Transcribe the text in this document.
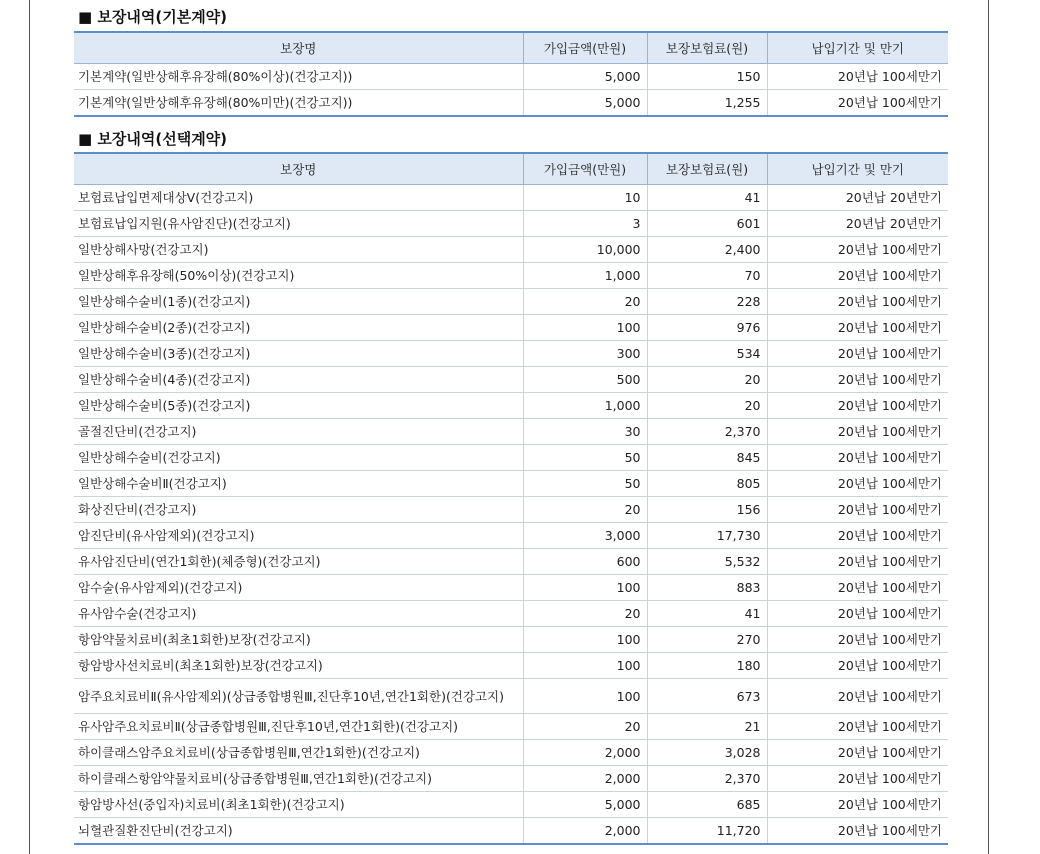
■ 보장내역(기본계약)
보장명	가입금액(만원)	보장보험료(원)	납입기간 및 만기
기본계약(일반상해후유장해(80%이상)(건강고지))	5,000	150	20년납 100세만기
기본계약(일반상해후유장해(80%미만)(건강고지))	5,000	1,255	20년납 100세만기
■ 보장내역(선택계약)
보장명	가입금액(만원)	보장보험료(원)	납입기간 및 만기
보험료납입면제대상Ⅴ(건강고지)	10	41	20년납 20년만기
보험료납입지원(유사암진단)(건강고지)	3	601	20년납 20년만기
일반상해사망(건강고지)	10,000	2,400	20년납 100세만기
일반상해후유장해(50%이상)(건강고지)	1,000	70	20년납 100세만기
일반상해수술비(1종)(건강고지)	20	228	20년납 100세만기
일반상해수술비(2종)(건강고지)	100	976	20년납 100세만기
일반상해수술비(3종)(건강고지)	300	534	20년납 100세만기
일반상해수술비(4종)(건강고지)	500	20	20년납 100세만기
일반상해수술비(5종)(건강고지)	1,000	20	20년납 100세만기
골절진단비(건강고지)	30	2,370	20년납 100세만기
일반상해수술비(건강고지)	50	845	20년납 100세만기
일반상해수술비Ⅱ(건강고지)	50	805	20년납 100세만기
화상진단비(건강고지)	20	156	20년납 100세만기
암진단비(유사암제외)(건강고지)	3,000	17,730	20년납 100세만기
유사암진단비(연간1회한)(체증형)(건강고지)	600	5,532	20년납 100세만기
암수술(유사암제외)(건강고지)	100	883	20년납 100세만기
유사암수술(건강고지)	20	41	20년납 100세만기
항암약물치료비(최초1회한)보장(건강고지)	100	270	20년납 100세만기
항암방사선치료비(최초1회한)보장(건강고지)	100	180	20년납 100세만기
암주요치료비Ⅱ(유사암제외)(상급종합병원Ⅲ,진단후10년,연간1회한)(건강고지)	100	673	20년납 100세만기
유사암주요치료비Ⅱ(상급종합병원Ⅲ,진단후10년,연간1회한)(건강고지)	20	21	20년납 100세만기
하이클래스암주요치료비(상급종합병원Ⅲ,연간1회한)(건강고지)	2,000	3,028	20년납 100세만기
하이클래스항암약물치료비(상급종합병원Ⅲ,연간1회한)(건강고지)	2,000	2,370	20년납 100세만기
항암방사선(중입자)치료비(최초1회한)(건강고지)	5,000	685	20년납 100세만기
뇌혈관질환진단비(건강고지)	2,000	11,720	20년납 100세만기
